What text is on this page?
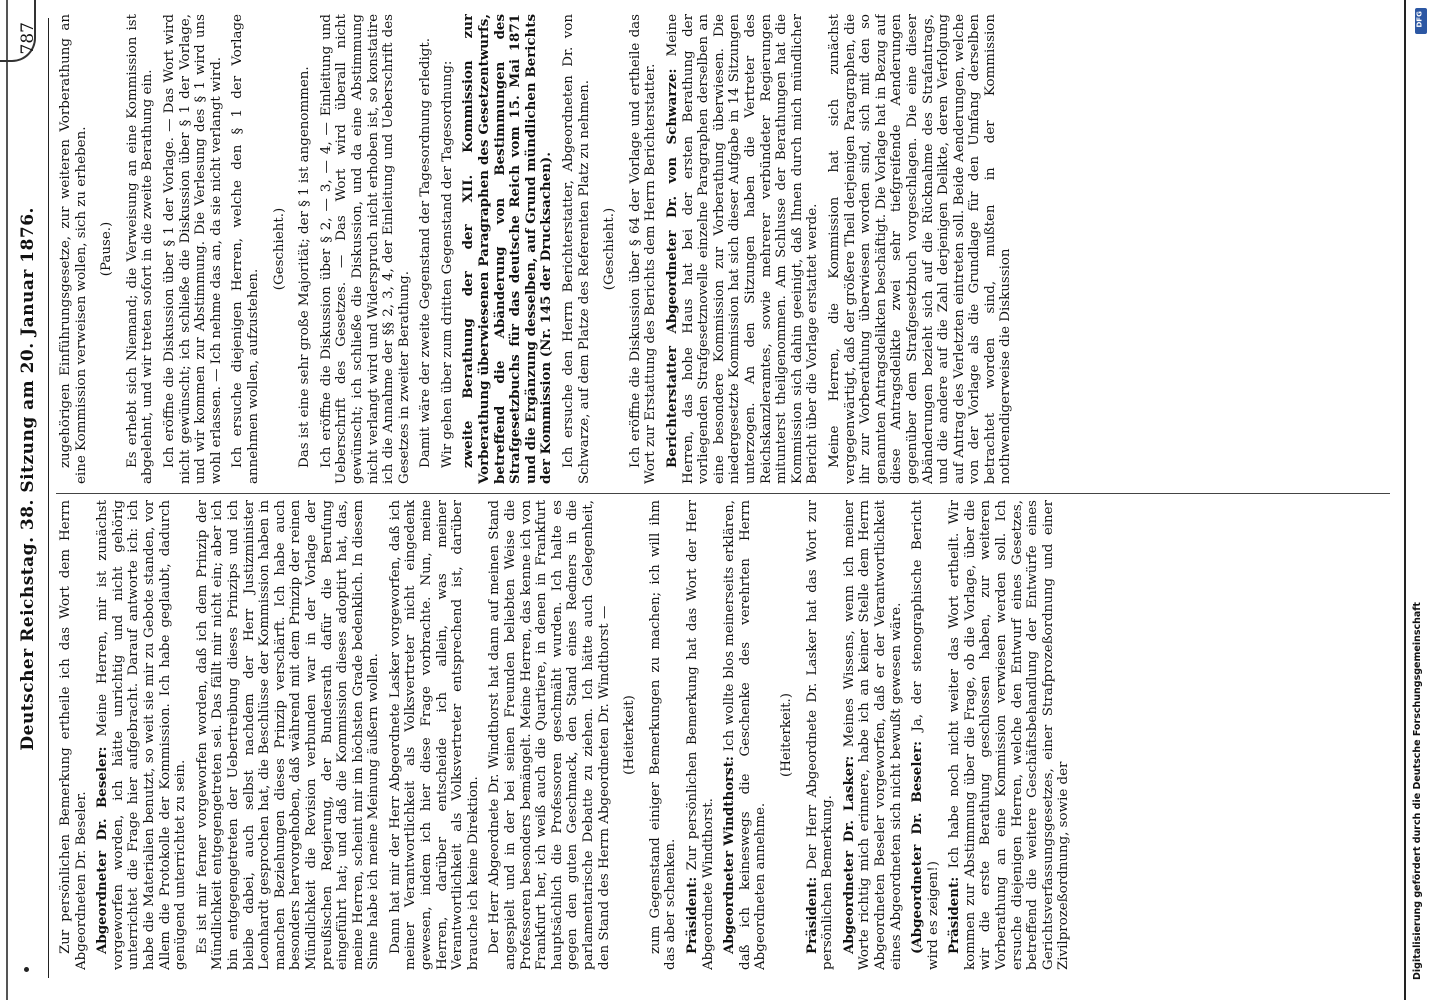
DFG
Digitalisierung gefördert durch die Deutsche Forschungsgemeinschaft
Deutscher Reichstag. 38. Sitzung am 20. Januar 1876.
787

Zur persönlichen Bemerkung ertheile ich das Wort dem Herrn Abgeordneten Dr. Beseler. Abgeordneter Dr. Beseler: Meine Herren, mir ist zunächst vorgeworfen worden, ich hätte unrichtig und nicht gehörig unterrichtet die Frage hier aufgebracht. Darauf antworte ich: ich habe die Materialien benutzt, so weit sie mir zu Gebote standen, vor Allem die Protokolle der Kommission. Ich habe geglaubt, dadurch genügend unterrichtet zu sein. Es ist mir ferner vorgeworfen worden, daß ich dem Prinzip der Mündlichkeit entgegengetreten sei. Das fällt mir nicht ein; aber ich bin entgegengetreten der Uebertreibung dieses Prinzips und ich bleibe dabei, auch selbst nachdem der Herr Justizminister Leonhardt gesprochen hat, die Beschlüsse der Kommission haben in manchen Beziehungen dieses Prinzip verschärft. Ich habe auch besonders hervorgehoben, daß während mit dem Prinzip der reinen Mündlichkeit die Revision verbunden war in der Vorlage der preußischen Regierung, der Bundesrath dafür die Berufung eingeführt hat; und daß die Kommission dieses adoptirt hat, das, meine Herren, scheint mir im höchsten Grade bedenklich. In diesem Sinne habe ich meine Meinung äußern wollen. Dann hat mir der Herr Abgeordnete Lasker vorgeworfen, daß ich meiner Verantwortlichkeit als Volksvertreter nicht eingedenk gewesen, indem ich hier diese Frage vorbrachte. Nun, meine Herren, darüber entscheide ich allein, was meiner Verantwortlichkeit als Volksvertreter entsprechend ist, darüber brauche ich keine Direktion. Der Herr Abgeordnete Dr. Windthorst hat dann auf meinen Stand angespielt und in der bei seinen Freunden beliebten Weise die Professoren besonders bemängelt. Meine Herren, das kenne ich von Frankfurt her, ich weiß auch die Quartiere, in denen in Frankfurt hauptsächlich die Professoren geschmäht wurden. Ich halte es gegen den guten Geschmack, den Stand eines Redners in die parlamentarische Debatte zu ziehen. Ich hätte auch Gelegenheit, den Stand des Herrn Abgeordneten Dr. Windthorst — (Heiterkeit) zum Gegenstand einiger Bemerkungen zu machen; ich will ihm das aber schenken. Präsident: Zur persönlichen Bemerkung hat das Wort der Herr Abgeordnete Windthorst. Abgeordneter Windthorst: Ich wollte blos meinerseits erklären, daß ich keineswegs die Geschenke des verehrten Herrn Abgeordneten annehme.

(Heiterkeit.)

Präsident: Der Herr Abgeordnete Dr. Lasker hat das Wort zur persönlichen Bemerkung. Abgeordneter Dr. Lasker: Meines Wissens, wenn ich meiner Worte richtig mich erinnere, habe ich an keiner Stelle dem Herrn Abgeordneten Beseler vorgeworfen, daß er der Verantwortlichkeit eines Abgeordneten sich nicht bewußt gewesen wäre. (Abgeordneter Dr. Beseler: Ja, der stenographische Bericht wird es zeigen!) Präsident: Ich habe noch nicht weiter das Wort ertheilt. Wir kommen zur Abstimmung über die Frage, ob die Vorlage, über die wir die erste Berathung geschlossen haben, zur weiteren Vorberathung an eine Kommission verwiesen werden soll. Ich ersuche diejenigen Herren, welche den Entwurf eines Gesetzes, betreffend die weitere Geschäftsbehandlung der Entwürfe eines Gerichtsverfassungsgesetzes, einer Strafprozeßordnung und einer Zivilprozeßordnung, sowie der

zugehörigen Einführungsgesetze, zur weiteren Vorberathung an eine Kommission verweisen wollen, sich zu erheben. (Pause.) Es erhebt sich Niemand; die Verweisung an eine Kommission ist abgelehnt, und wir treten sofort in die zweite Berathung ein. Ich eröffne die Diskussion über § 1 der Vorlage. — Das Wort wird nicht gewünscht; ich schließe die Diskussion über § 1 der Vorlage, und wir kommen zur Abstimmung. Die Verlesung des § 1 wird uns wohl erlassen. — Ich nehme das an, da sie nicht verlangt wird. Ich ersuche diejenigen Herren, welche den § 1 der Vorlage annehmen wollen, aufzustehen.

(Geschieht.) Das ist eine sehr große Majorität; der § 1 ist angenommen. Ich eröffne die Diskussion über § 2, — 3, — 4, — Einleitung und Ueberschrift des Gesetzes. — Das Wort wird überall nicht gewünscht; ich schließe die Diskussion, und da eine Abstimmung nicht verlangt wird und Widerspruch nicht erhoben ist, so konstatire ich die Annahme der §§ 2, 3, 4, der Einleitung und Ueberschrift des Gesetzes in zweiter Berathung. Damit wäre der zweite Gegenstand der Tagesordnung erledigt. Wir gehen über zum dritten Gegenstand der Tagesordnung: zweite Berathung der der XII. Kommission zur Vorberathung überwiesenen Paragraphen des Gesetzentwurfs, betreffend die Abänderung von Bestimmungen des Strafgesetzbuchs für das deutsche Reich vom 15. Mai 1871 und die Ergänzung desselben, auf Grund mündlichen Berichts der Kommission (Nr. 145 der Drucksachen). Ich ersuche den Herrn Berichterstatter, Abgeordneten Dr. von Schwarze, auf dem Platze des Referenten Platz zu nehmen. (Geschieht.) Ich eröffne die Diskussion über § 64 der Vorlage und ertheile das Wort zur Erstattung des Berichts dem Herrn Berichterstatter. Berichterstatter Abgeordneter Dr. von Schwarze: Meine Herren, das hohe Haus hat bei der ersten Berathung der vorliegenden Strafgesetznovelle einzelne Paragraphen derselben an eine besondere Kommission zur Vorberathung überwiesen. Die niedergesetzte Kommission hat sich dieser Aufgabe in 14 Sitzungen unterzogen. An den Sitzungen haben die Vertreter des Reichskanzleramtes, sowie mehrerer verbündeter Regierungen mitunterst theilgenommen. Am Schlusse der Berathungen hat die Kommission sich dahin geeinigt, daß Ihnen durch mich mündlicher Bericht über die Vorlage erstattet werde. Meine Herren, die Kommission hat sich zunächst vergegenwärtigt, daß der größere Theil derjenigen Paragraphen, die ihr zur Vorberathung überwiesen worden sind, sich mit den so genannten Antragsdelikten beschäftigt. Die Vorlage hat in Bezug auf diese Antragsdelikte zwei sehr tiefgreifende Aenderungen gegenüber dem Strafgesetzbuch vorgeschlagen. Die eine dieser Abänderungen bezieht sich auf die Rücknahme des Strafantrags, und die andere auf die Zahl derjenigen Delikte, deren Verfolgung auf Antrag des Verletzten eintreten soll. Beide Aenderungen, welche von der Vorlage als die Grundlage für den Umfang derselben betrachtet worden sind, mußten in der Kommission nothwendigerweise die Diskussion
